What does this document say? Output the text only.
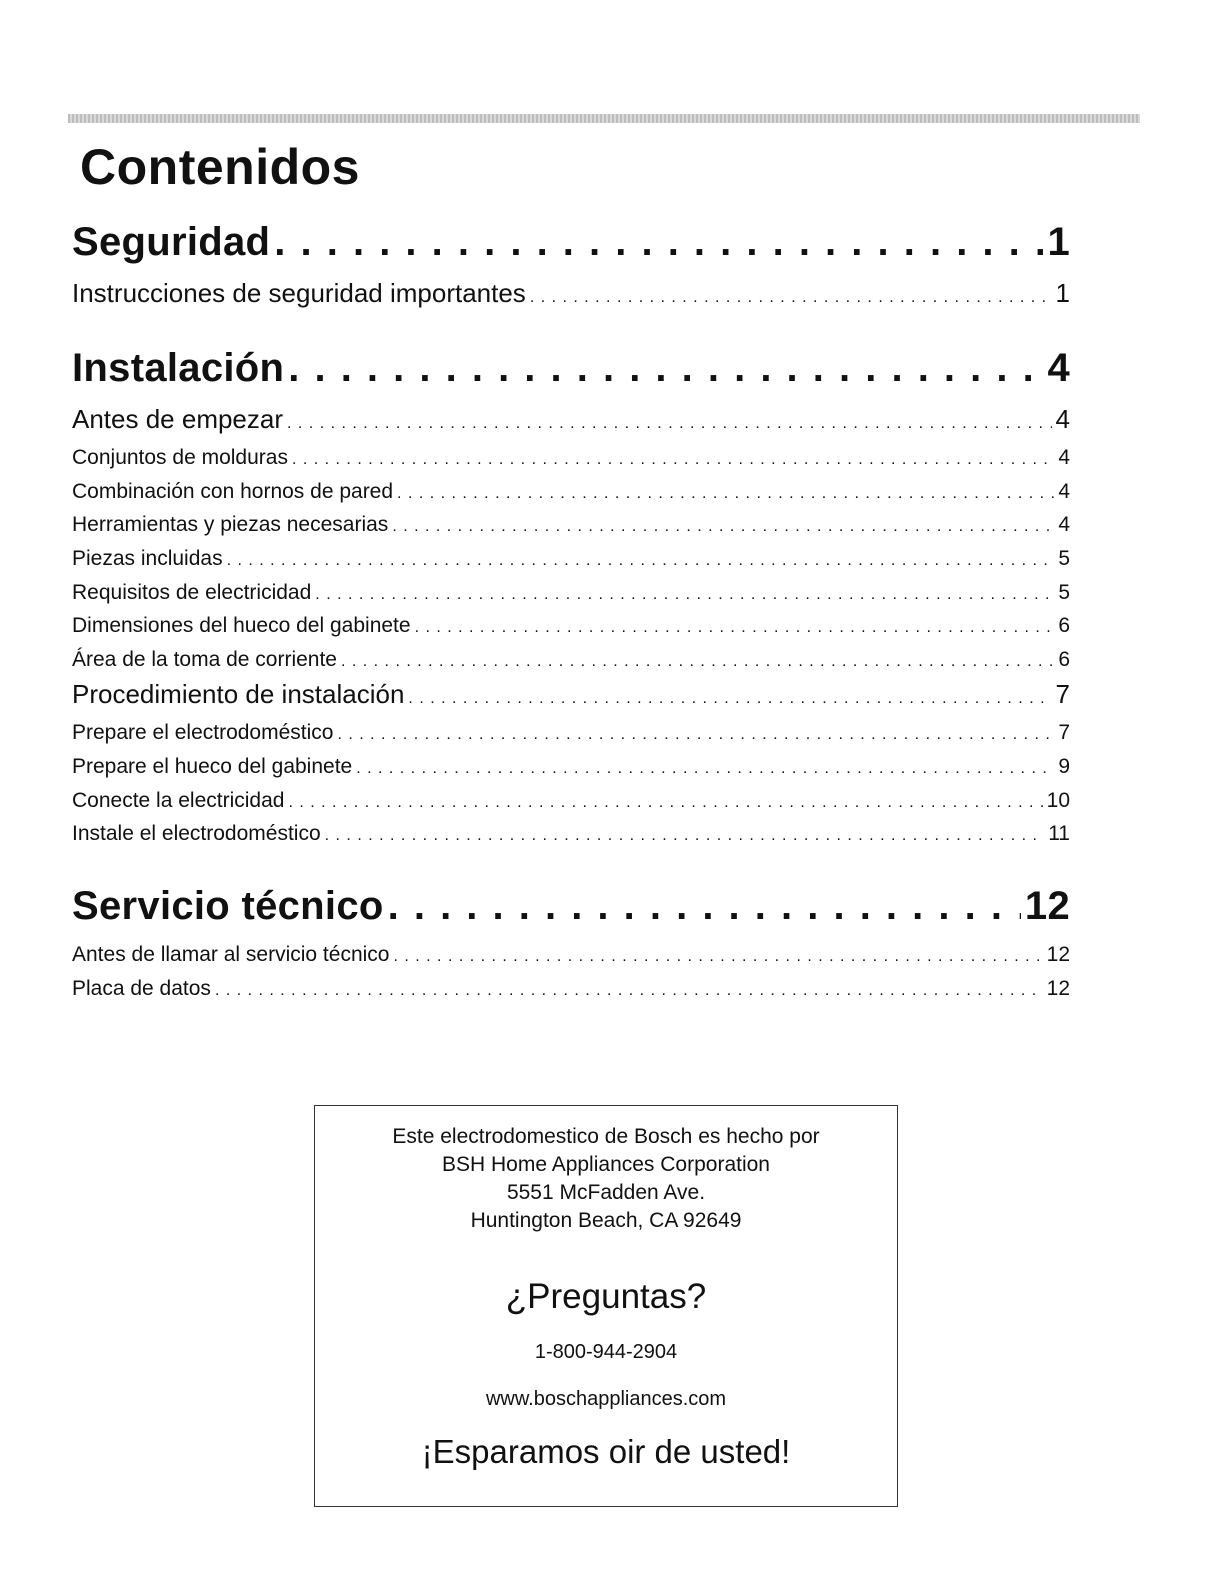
Contenidos
Seguridad . . .	1
Instrucciones de seguridad importantes . . .	1
Instalación . . .	4
Antes de empezar . . .	4
Conjuntos de molduras . . .	4
Combinación con hornos de pared . . .	4
Herramientas y piezas necesarias . . .	4
Piezas incluidas . . .	5
Requisitos de electricidad . . .	5
Dimensiones del hueco del gabinete . . .	6
Área de la toma de corriente . . .	6
Procedimiento de instalación . . .	7
Prepare el electrodoméstico . . .	7
Prepare el hueco del gabinete . . .	9
Conecte la electricidad . . .	10
Instale el electrodoméstico . . .	11
Servicio técnico . . .	12
Antes de llamar al servicio técnico . . .	12
Placa de datos . . .	12
Este electrodomestico de Bosch es hecho por
BSH Home Appliances Corporation
5551 McFadden Ave.
Huntington Beach, CA 92649
¿Preguntas?
1-800-944-2904
www.boschappliances.com
¡Esparamos oir de usted!
